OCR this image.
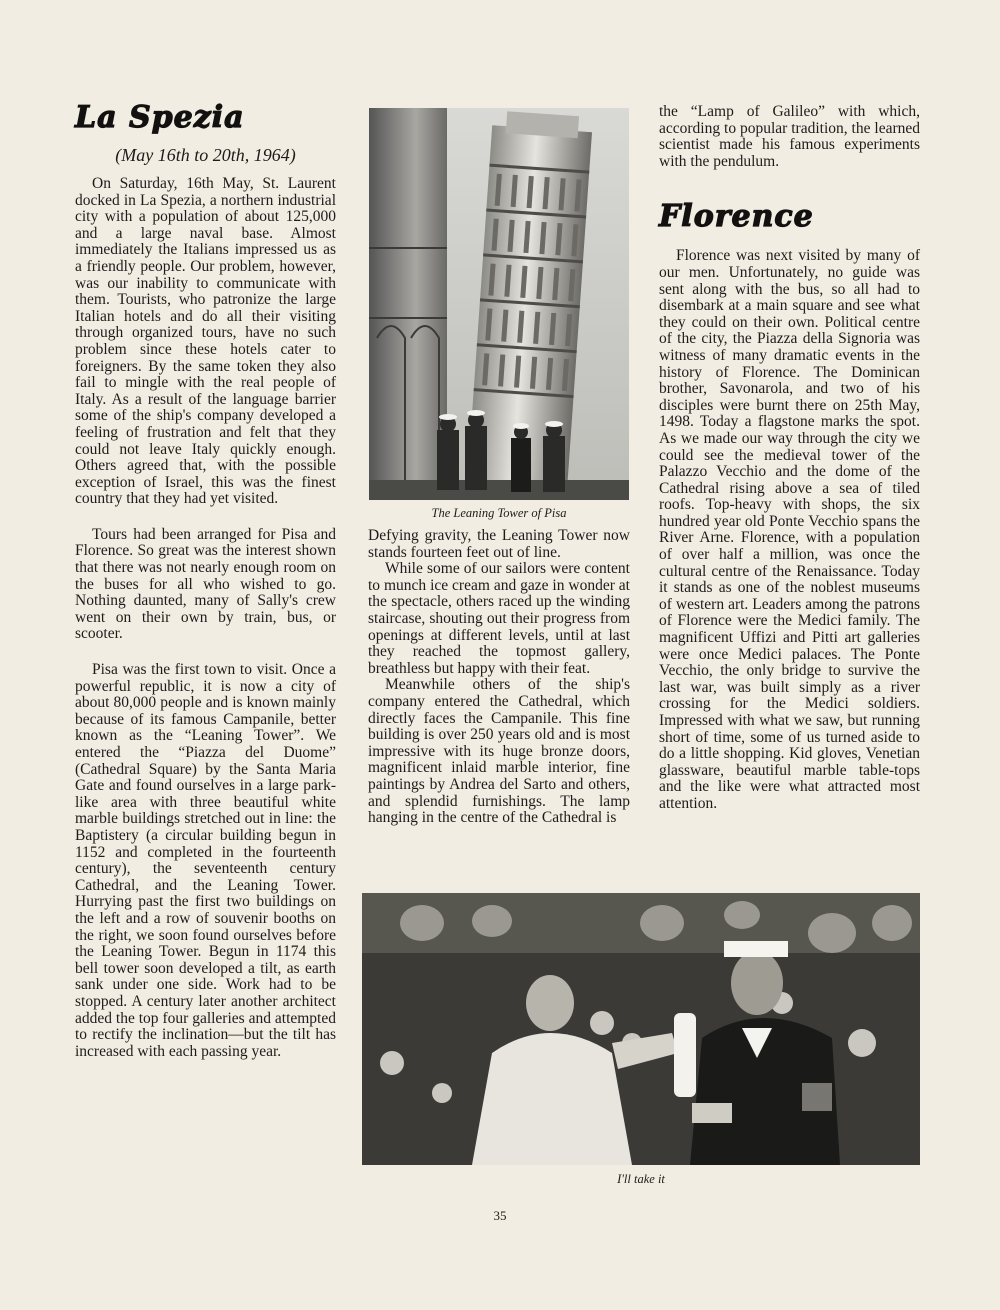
La Spezia
(May 16th to 20th, 1964)

On Saturday, 16th May, St. Laurent docked in La Spezia, a northern industrial city with a population of about 125,000 and a large naval base. Almost immediately the Italians impressed us as a friendly people. Our problem, however, was our inability to communicate with them. Tourists, who patronize the large Italian hotels and do all their visiting through organized tours, have no such problem since these hotels cater to foreigners. By the same token they also fail to mingle with the real people of Italy. As a result of the language barrier some of the ship's company developed a feeling of frustration and felt that they could not leave Italy quickly enough. Others agreed that, with the possible exception of Israel, this was the finest country that they had yet visited.

Tours had been arranged for Pisa and Florence. So great was the interest shown that there was not nearly enough room on the buses for all who wished to go. Nothing daunted, many of Sally's crew went on their own by train, bus, or scooter.

Pisa was the first town to visit. Once a powerful republic, it is now a city of about 80,000 people and is known mainly because of its famous Campanile, better known as the “Leaning Tower”. We entered the “Piazza del Duome” (Cathedral Square) by the Santa Maria Gate and found ourselves in a large park-like area with three beautiful white marble buildings stretched out in line: the Baptistery (a circular building begun in 1152 and completed in the fourteenth century), the seventeenth century Cathedral, and the Leaning Tower. Hurrying past the first two buildings on the left and a row of souvenir booths on the right, we soon found ourselves before the Leaning Tower. Begun in 1174 this bell tower soon developed a tilt, as earth sank under one side. Work had to be stopped. A century later another architect added the top four galleries and attempted to rectify the inclination—but the tilt has increased with each passing year.

The Leaning Tower of Pisa

Defying gravity, the Leaning Tower now stands fourteen feet out of line.

While some of our sailors were content to munch ice cream and gaze in wonder at the spectacle, others raced up the winding staircase, shouting out their progress from openings at different levels, until at last they reached the topmost gallery, breathless but happy with their feat.

Meanwhile others of the ship's company entered the Cathedral, which directly faces the Campanile. This fine building is over 250 years old and is most impressive with its huge bronze doors, magnificent inlaid marble interior, fine paintings by Andrea del Sarto and others, and splendid furnishings. The lamp hanging in the centre of the Cathedral is

the “Lamp of Galileo” with which, according to popular tradition, the learned scientist made his famous experiments with the pendulum.

Florence

Florence was next visited by many of our men. Unfortunately, no guide was sent along with the bus, so all had to disembark at a main square and see what they could on their own. Political centre of the city, the Piazza della Signoria was witness of many dramatic events in the history of Florence. The Dominican brother, Savonarola, and two of his disciples were burnt there on 25th May, 1498. Today a flagstone marks the spot. As we made our way through the city we could see the medieval tower of the Palazzo Vecchio and the dome of the Cathedral rising above a sea of tiled roofs. Top-heavy with shops, the six hundred year old Ponte Vecchio spans the River Arne. Florence, with a population of over half a million, was once the cultural centre of the Renaissance. Today it stands as one of the noblest museums of western art. Leaders among the patrons of Florence were the Medici family. The magnificent Uffizi and Pitti art galleries were once Medici palaces. The Ponte Vecchio, the only bridge to survive the last war, was built simply as a river crossing for the Medici soldiers. Impressed with what we saw, but running short of time, some of us turned aside to do a little shopping. Kid gloves, Venetian glassware, beautiful marble table-tops and the like were what attracted most attention.

I'll take it
35
